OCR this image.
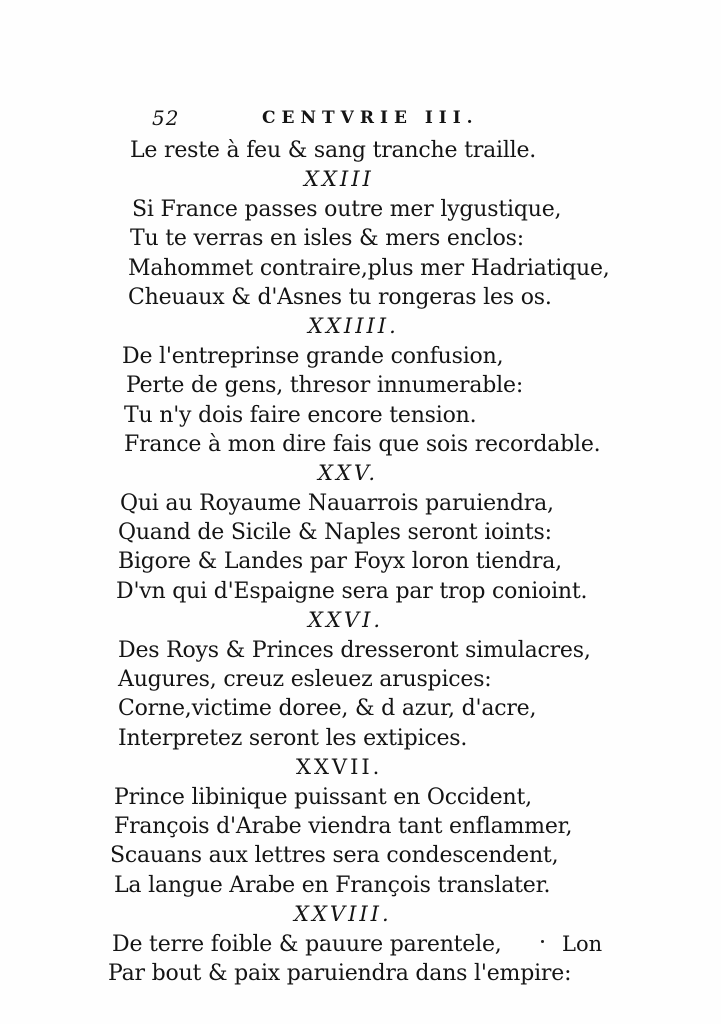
52	CENTVRIE III.
Le reste à feu & sang tranche traille.
XXIII
Si France passes outre mer lygustique,
Tu te verras en isles & mers enclos:
Mahommet contraire,plus mer Hadriatique,
Cheuaux & d'Asnes tu rongeras les os.
XXIIII.
De l'entreprinse grande confusion,
Perte de gens, thresor innumerable:
Tu n'y dois faire encore tension.
France à mon dire fais que sois recordable.
XXV.
Qui au Royaume Nauarrois paruiendra,
Quand de Sicile & Naples seront ioints:
Bigore & Landes par Foyx loron tiendra,
D'vn qui d'Espaigne sera par trop conioint.
XXVI.
Des Roys & Princes dresseront simulacres,
Augures, creuz esleuez aruspices:
Corne,victime doree, & d azur, d'acre,
Interpretez seront les extipices.
XXVII.
Prince libinique puissant en Occident,
François d'Arabe viendra tant enflammer,
Scauans aux lettres sera condescendent,
La langue Arabe en François translater.
XXVIII.
De terre foible & pauure parentele,
Par bout & paix paruiendra dans l'empire:
Lon
